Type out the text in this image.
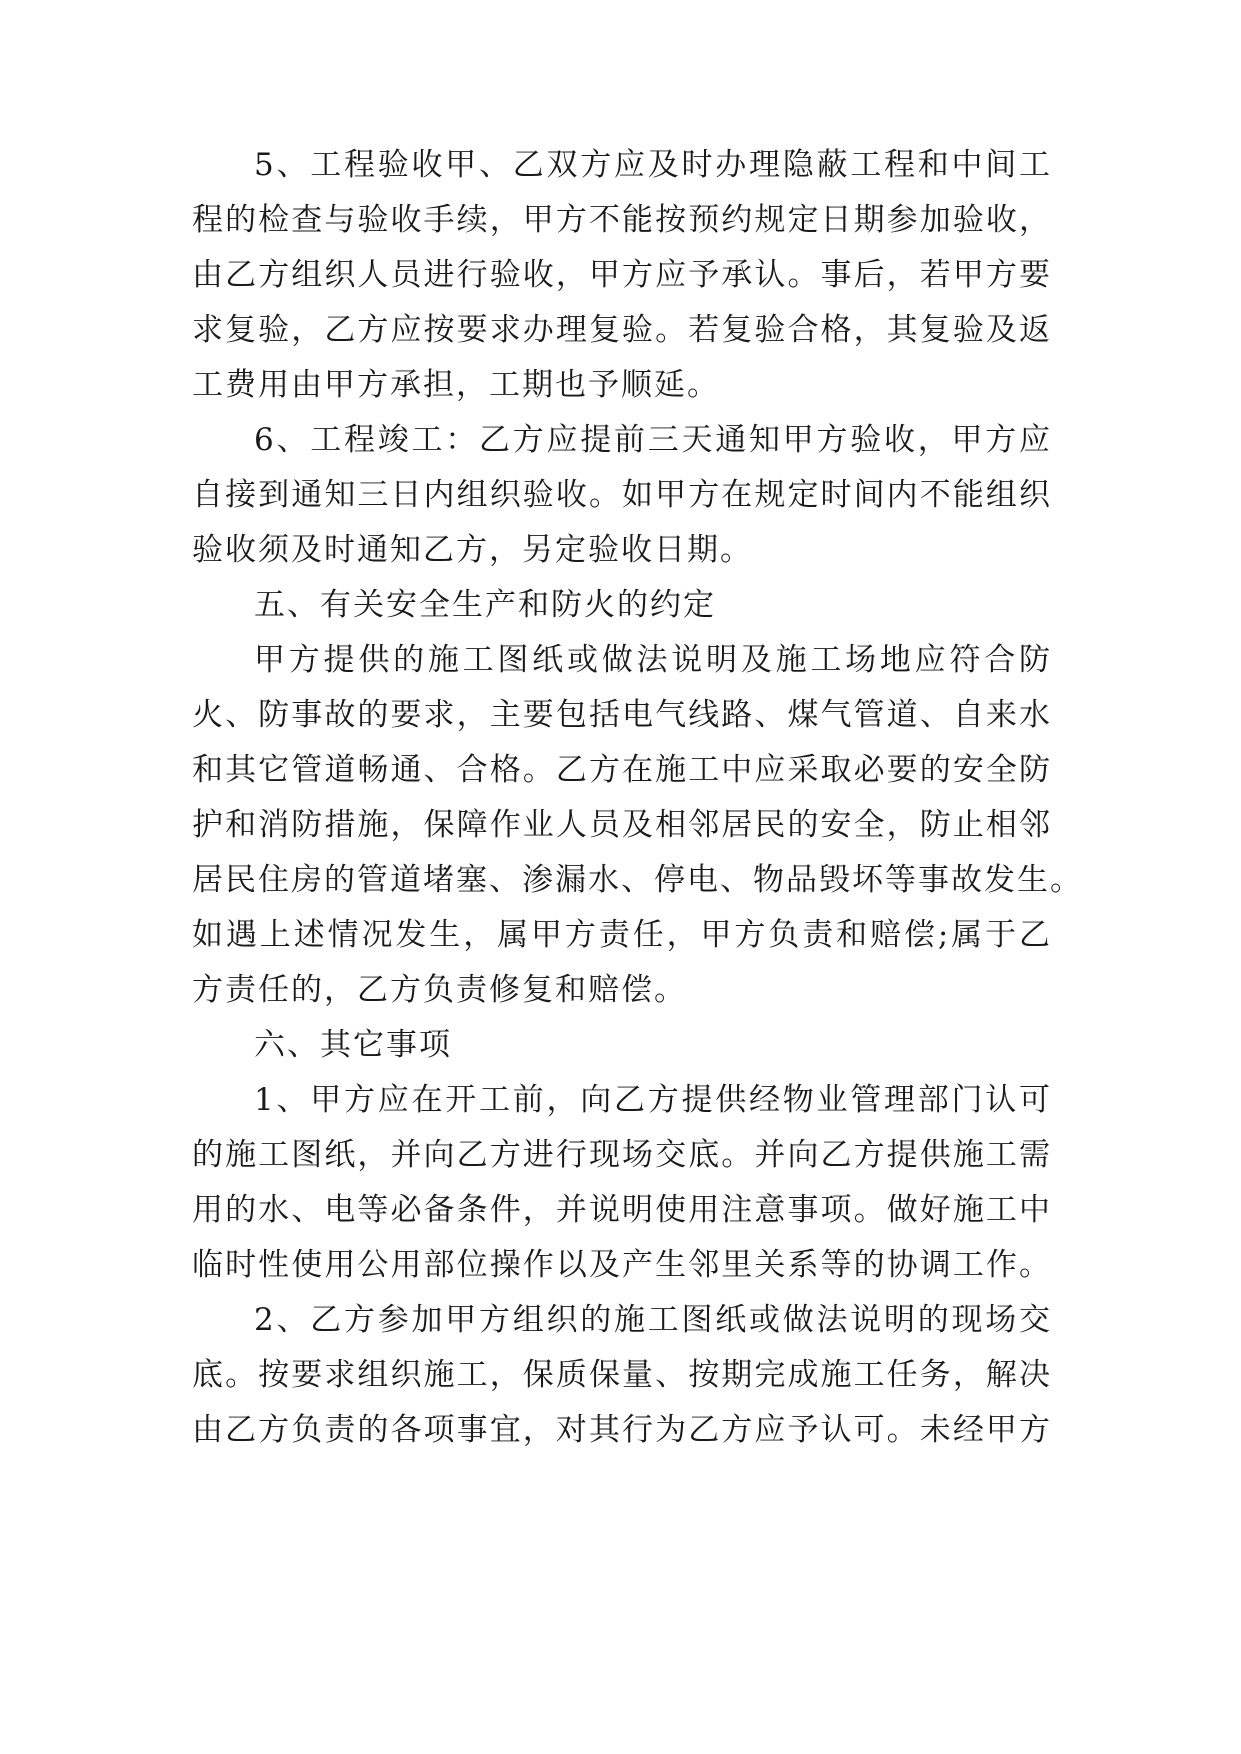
5、工程验收甲、乙双方应及时办理隐蔽工程和中间工
程的检查与验收手续，甲方不能按预约规定日期参加验收，
由乙方组织人员进行验收，甲方应予承认。事后，若甲方要
求复验，乙方应按要求办理复验。若复验合格，其复验及返
工费用由甲方承担，工期也予顺延。
6、工程竣工：乙方应提前三天通知甲方验收，甲方应
自接到通知三日内组织验收。如甲方在规定时间内不能组织
验收须及时通知乙方，另定验收日期。
五、有关安全生产和防火的约定
甲方提供的施工图纸或做法说明及施工场地应符合防
火、防事故的要求，主要包括电气线路、煤气管道、自来水
和其它管道畅通、合格。乙方在施工中应采取必要的安全防
护和消防措施，保障作业人员及相邻居民的安全，防止相邻
居民住房的管道堵塞、渗漏水、停电、物品毁坏等事故发生。
如遇上述情况发生，属甲方责任，甲方负责和赔偿;属于乙
方责任的，乙方负责修复和赔偿。
六、其它事项
1、甲方应在开工前，向乙方提供经物业管理部门认可
的施工图纸，并向乙方进行现场交底。并向乙方提供施工需
用的水、电等必备条件，并说明使用注意事项。做好施工中
临时性使用公用部位操作以及产生邻里关系等的协调工作。
2、乙方参加甲方组织的施工图纸或做法说明的现场交
底。按要求组织施工，保质保量、按期完成施工任务，解决
由乙方负责的各项事宜，对其行为乙方应予认可。未经甲方
